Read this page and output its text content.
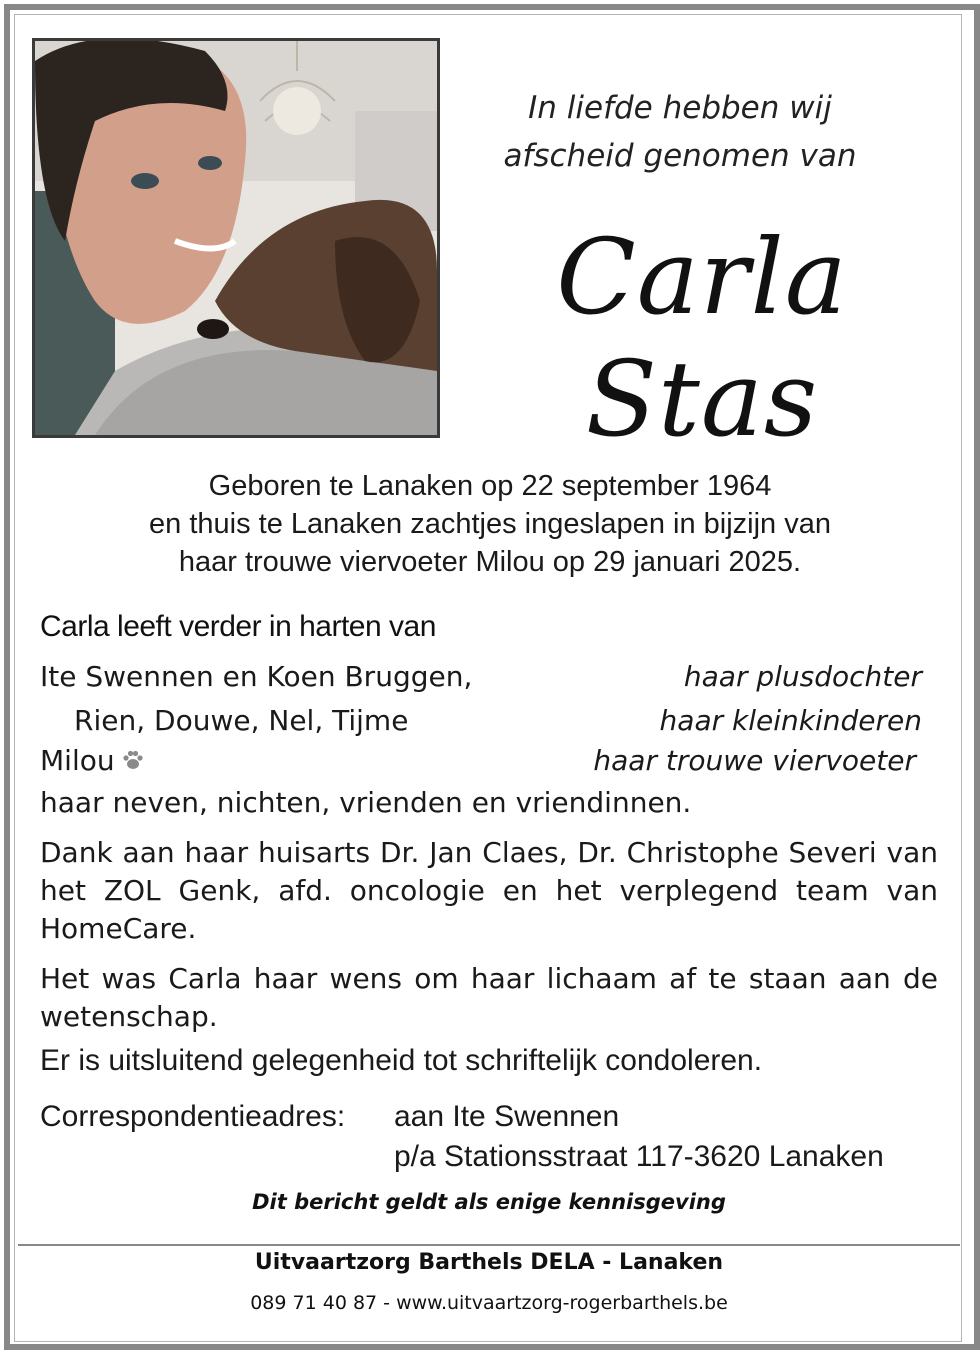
In liefde hebben wij
afscheid genomen van
Carla Stas
Geboren te Lanaken op 22 september 1964
en thuis te Lanaken zachtjes ingeslapen in bijzijn van
haar trouwe viervoeter Milou op 29 januari 2025.
Carla leeft verder in harten van
Ite Swennen en Koen Bruggen,	haar plusdochter
Rien, Douwe, Nel, Tijme	haar kleinkinderen
Milou	haar trouwe viervoeter
haar neven, nichten, vrienden en vriendinnen.
Dank aan haar huisarts Dr. Jan Claes, Dr. Christophe Severi van het ZOL Genk, afd. oncologie en het verplegend team van HomeCare.
Het was Carla haar wens om haar lichaam af te staan aan de wetenschap.
Er is uitsluitend gelegenheid tot schriftelijk condoleren.
Correspondentieadres: aan Ite Swennen
p/a Stationsstraat 117-3620 Lanaken
Dit bericht geldt als enige kennisgeving
Uitvaartzorg Barthels DELA - Lanaken
089 71 40 87 - www.uitvaartzorg-rogerbarthels.be
